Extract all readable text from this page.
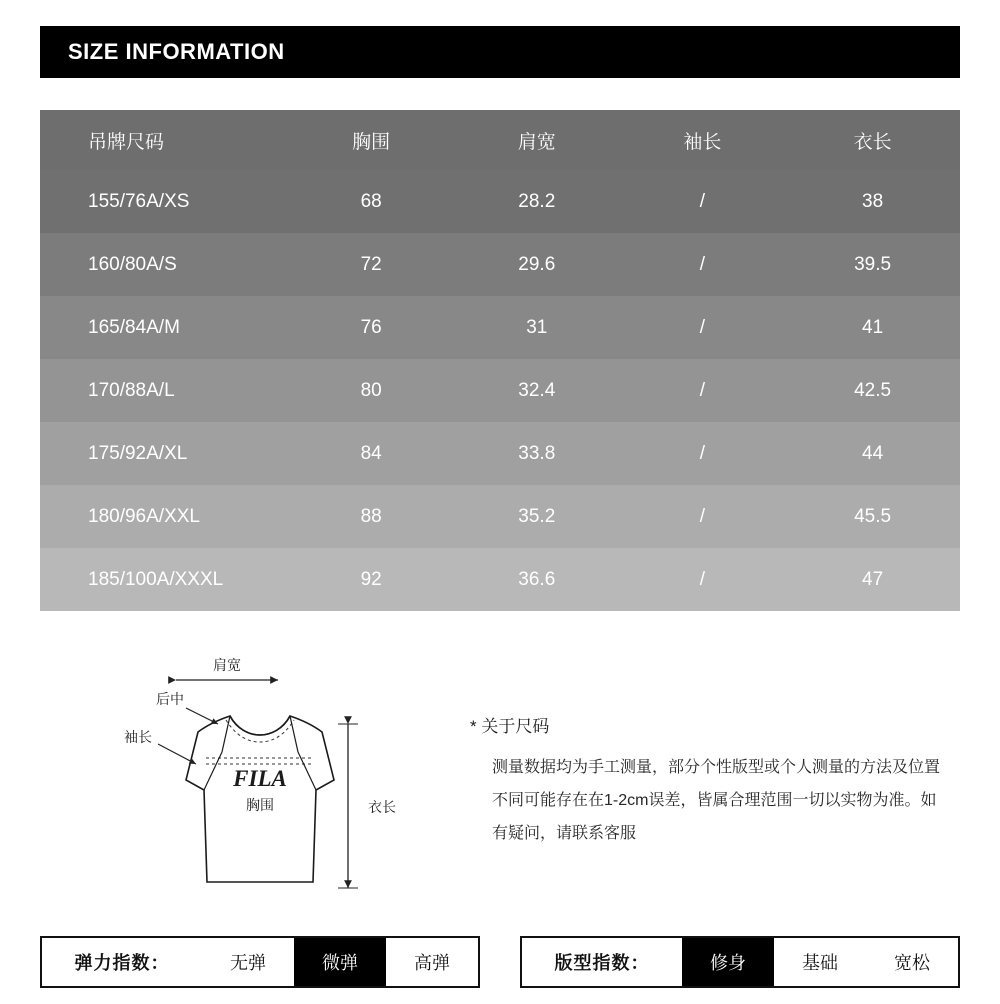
SIZE INFORMATION
吊牌尺码	胸围	肩宽	袖长	衣长
155/76A/XS	68	28.2	/	38
160/80A/S	72	29.6	/	39.5
165/84A/M	76	31	/	41
170/88A/L	80	32.4	/	42.5
175/92A/XL	84	33.8	/	44
180/96A/XXL	88	35.2	/	45.5
185/100A/XXXL	92	36.6	/	47
FILA
胸围
肩宽
后中
袖长
衣长
* 关于尺码
测量数据均为手工测量，部分个性版型或个人测量的方法及位置不同可能存在在1-2cm误差，皆属合理范围一切以实物为准。如有疑问，请联系客服
弹力指数：	无弹	微弹	高弹	版型指数：	修身	基础	宽松
